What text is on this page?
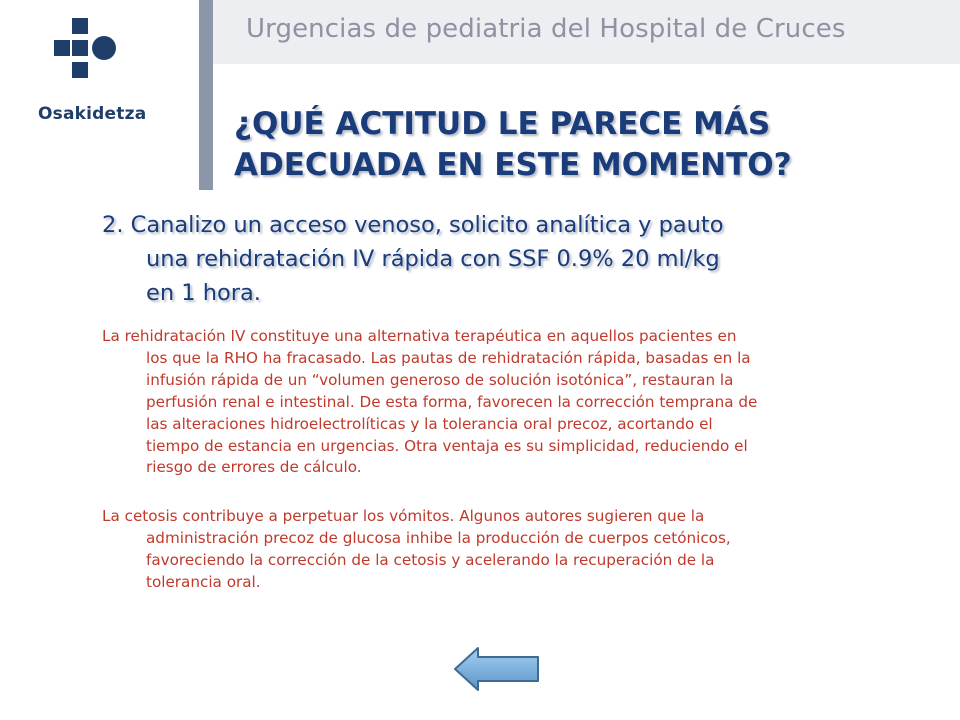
Osakidetza
Urgencias de pediatria del Hospital de Cruces
¿QUÉ ACTITUD LE PARECE MÁS
ADECUADA EN ESTE MOMENTO?
2. Canalizo un acceso venoso, solicito analítica y pauto
una rehidratación IV rápida con SSF 0.9% 20 ml/kg
en 1 hora.
La rehidratación IV constituye una alternativa terapéutica en aquellos pacientes en
los que la RHO ha fracasado. Las pautas de rehidratación rápida, basadas en la
infusión rápida de un “volumen generoso de solución isotónica”, restauran la
perfusión renal e intestinal. De esta forma, favorecen la corrección temprana de
las alteraciones hidroelectrolíticas y la tolerancia oral precoz, acortando el
tiempo de estancia en urgencias. Otra ventaja es su simplicidad, reduciendo el
riesgo de errores de cálculo.
La cetosis contribuye a perpetuar los vómitos. Algunos autores sugieren que la
administración precoz de glucosa inhibe la producción de cuerpos cetónicos,
favoreciendo la corrección de la cetosis y acelerando la recuperación de la
tolerancia oral.
